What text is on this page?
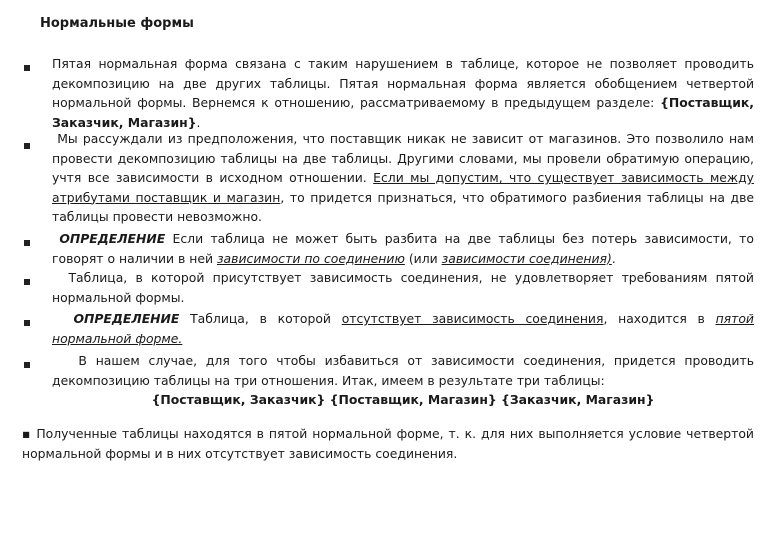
Нормальные формы
Пятая нормальная форма связана с таким нарушением в таблице, которое не позволяет проводить декомпозицию на две других таблицы. Пятая нормальная форма является обобщением четвертой нормальной формы. Вернемся к отношению, рассматриваемому в предыдущем разделе: {Поставщик, Заказчик, Магазин}.
Мы рассуждали из предположения, что поставщик никак не зависит от магазинов. Это позволило нам провести декомпозицию таблицы на две таблицы. Другими словами, мы провели обратимую операцию, учтя все зависимости в исходном отношении. Если мы допустим, что существует зависимость между атрибутами поставщик и магазин, то придется признаться, что обратимого разбиения таблицы на две таблицы провести невозможно.
ОПРЕДЕЛЕНИЕ Если таблица не может быть разбита на две таблицы без потерь зависимости, то говорят о наличии в ней зависимости по соединению (или зависимости соединения).
Таблица, в которой присутствует зависимость соединения, не удовлетворяет требованиям пятой нормальной формы.
ОПРЕДЕЛЕНИЕ Таблица, в которой отсутствует зависимость соединения, находится в пятой нормальной форме.
В нашем случае, для того чтобы избавиться от зависимости соединения, придется проводить декомпозицию таблицы на три отношения. Итак, имеем в результате три таблицы:
{Поставщик, Заказчик} {Поставщик, Магазин} {Заказчик, Магазин}
▪ Полученные таблицы находятся в пятой нормальной форме, т. к. для них выполняется условие четвертой нормальной формы и в них отсутствует зависимость соединения.
